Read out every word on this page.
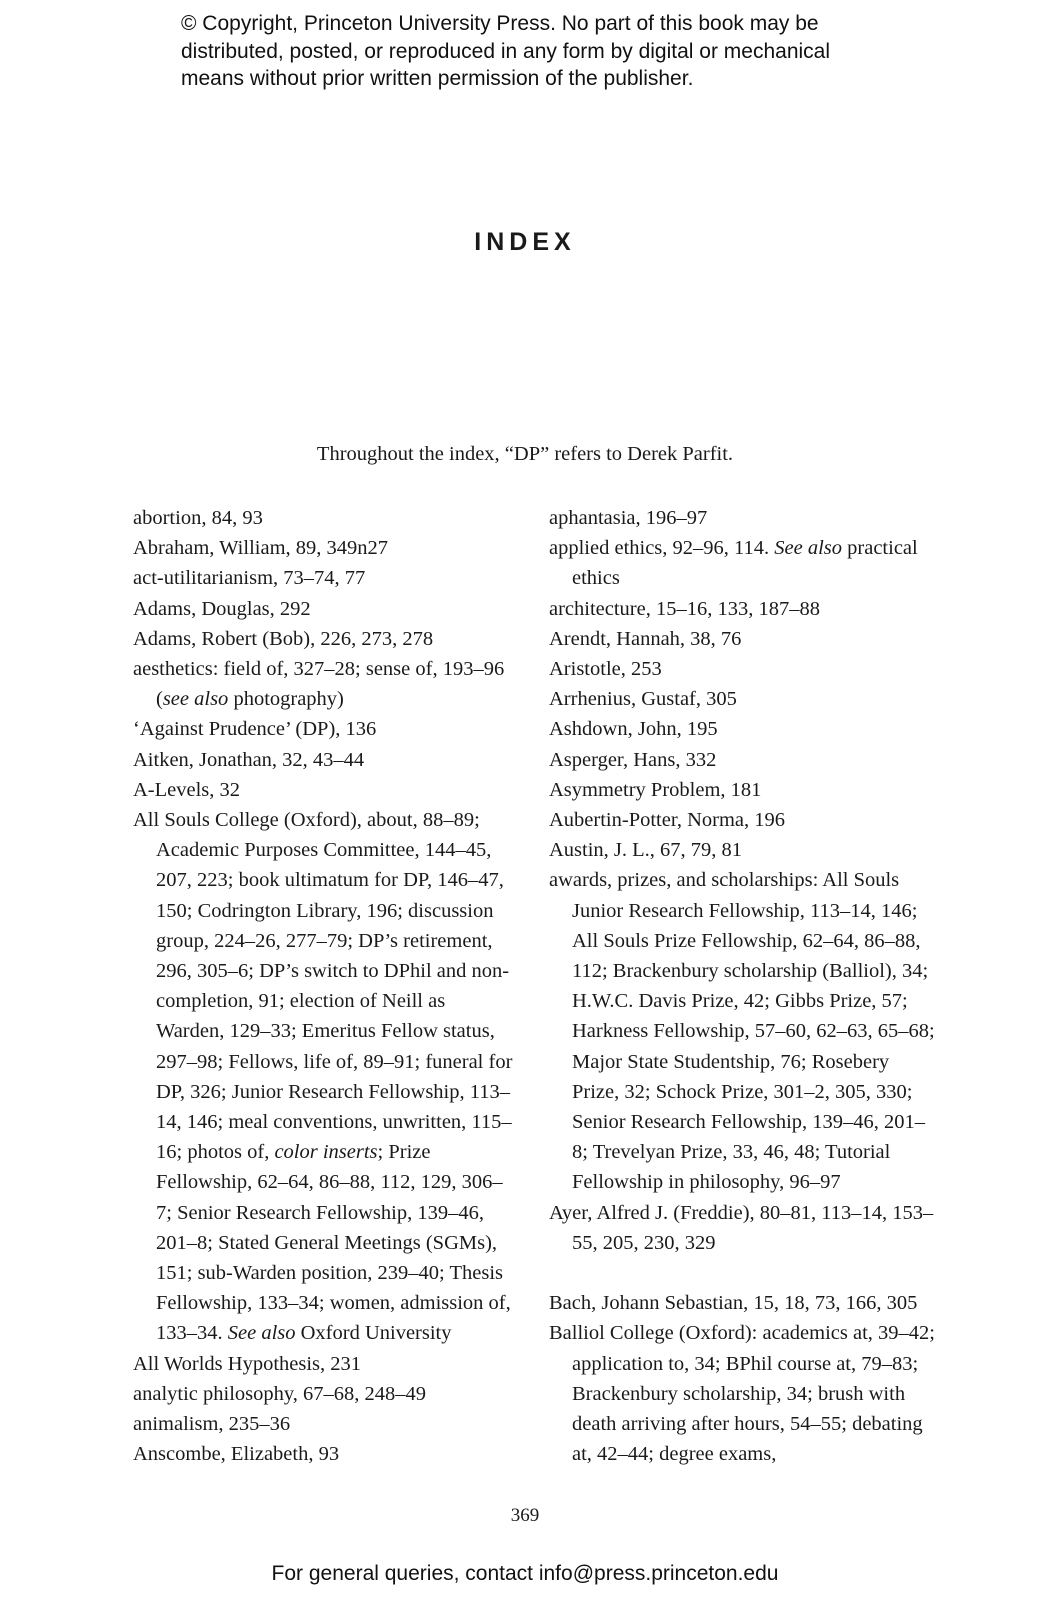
© Copyright, Princeton University Press. No part of this book may be
distributed, posted, or reproduced in any form by digital or mechanical
means without prior written permission of the publisher.
INDEX
Throughout the index, “DP” refers to Derek Parfit.
abortion, 84, 93
Abraham, William, 89, 349n27
act-utilitarianism, 73–74, 77
Adams, Douglas, 292
Adams, Robert (Bob), 226, 273, 278
aesthetics: field of, 327–28; sense of, 193–96 (see also photography)
‘Against Prudence’ (DP), 136
Aitken, Jonathan, 32, 43–44
A-Levels, 32
All Souls College (Oxford), about, 88–89; Academic Purposes Committee, 144–45, 207, 223; book ultimatum for DP, 146–47, 150; Codrington Library, 196; discussion group, 224–26, 277–79; DP’s retirement, 296, 305–6; DP’s switch to DPhil and non-completion, 91; election of Neill as Warden, 129–33; Emeritus Fellow status, 297–98; Fellows, life of, 89–91; funeral for DP, 326; Junior Research Fellowship, 113–14, 146; meal conventions, unwritten, 115–16; photos of, color inserts; Prize Fellowship, 62–64, 86–88, 112, 129, 306–7; Senior Research Fellowship, 139–46, 201–8; Stated General Meetings (SGMs), 151; sub-Warden position, 239–40; Thesis Fellowship, 133–34; women, admission of, 133–34. See also Oxford University
All Worlds Hypothesis, 231
analytic philosophy, 67–68, 248–49
animalism, 235–36
Anscombe, Elizabeth, 93
aphantasia, 196–97
applied ethics, 92–96, 114. See also practical ethics
architecture, 15–16, 133, 187–88
Arendt, Hannah, 38, 76
Aristotle, 253
Arrhenius, Gustaf, 305
Ashdown, John, 195
Asperger, Hans, 332
Asymmetry Problem, 181
Aubertin-Potter, Norma, 196
Austin, J. L., 67, 79, 81
awards, prizes, and scholarships: All Souls Junior Research Fellowship, 113–14, 146; All Souls Prize Fellowship, 62–64, 86–88, 112; Brackenbury scholarship (Balliol), 34; H.W.C. Davis Prize, 42; Gibbs Prize, 57; Harkness Fellowship, 57–60, 62–63, 65–68; Major State Studentship, 76; Rosebery Prize, 32; Schock Prize, 301–2, 305, 330; Senior Research Fellowship, 139–46, 201–8; Trevelyan Prize, 33, 46, 48; Tutorial Fellowship in philosophy, 96–97
Ayer, Alfred J. (Freddie), 80–81, 113–14, 153–55, 205, 230, 329
Bach, Johann Sebastian, 15, 18, 73, 166, 305
Balliol College (Oxford): academics at, 39–42; application to, 34; BPhil course at, 79–83; Brackenbury scholarship, 34; brush with death arriving after hours, 54–55; debating at, 42–44; degree exams,
369
For general queries, contact info@press.princeton.edu
